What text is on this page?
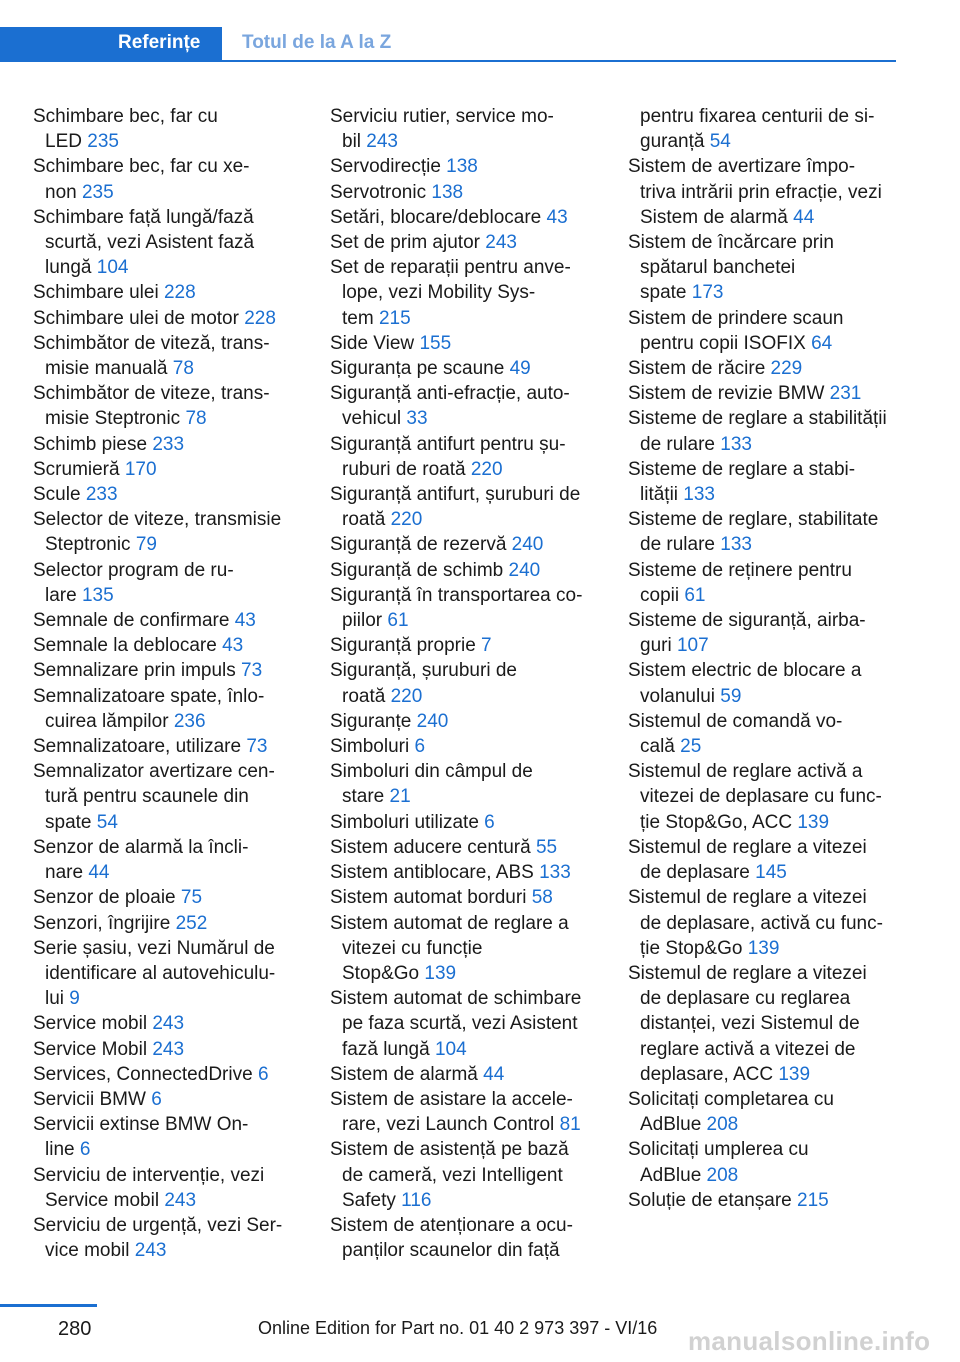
Referințe Totul de la A la Z
Schimbare bec, far cu
LED 235
Schimbare bec, far cu xe-
non 235
Schimbare față lungă/fază
scurtă, vezi Asistent fază
lungă 104
Schimbare ulei 228
Schimbare ulei de motor 228
Schimbător de viteză, trans-
misie manuală 78
Schimbător de viteze, trans-
misie Steptronic 78
Schimb piese 233
Scrumieră 170
Scule 233
Selector de viteze, transmisie
Steptronic 79
Selector program de ru-
lare 135
Semnale de confirmare 43
Semnale la deblocare 43
Semnalizare prin impuls 73
Semnalizatoare spate, înlo-
cuirea lămpilor 236
Semnalizatoare, utilizare 73
Semnalizator avertizare cen-
tură pentru scaunele din
spate 54
Senzor de alarmă la încli-
nare 44
Senzor de ploaie 75
Senzori, îngrijire 252
Serie șasiu, vezi Numărul de
identificare al autovehiculu-
lui 9
Service mobil 243
Service Mobil 243
Services, ConnectedDrive 6
Servicii BMW 6
Servicii extinse BMW On-
line 6
Serviciu de intervenție, vezi
Service mobil 243
Serviciu de urgență, vezi Ser-
vice mobil 243
Serviciu rutier, service mo-
bil 243
Servodirecție 138
Servotronic 138
Setări, blocare/deblocare 43
Set de prim ajutor 243
Set de reparații pentru anve-
lope, vezi Mobility Sys-
tem 215
Side View 155
Siguranța pe scaune 49
Siguranță anti-efracție, auto-
vehicul 33
Siguranță antifurt pentru șu-
ruburi de roată 220
Siguranță antifurt, șuruburi de
roată 220
Siguranță de rezervă 240
Siguranță de schimb 240
Siguranță în transportarea co-
piilor 61
Siguranță proprie 7
Siguranță, șuruburi de
roată 220
Siguranțe 240
Simboluri 6
Simboluri din câmpul de
stare 21
Simboluri utilizate 6
Sistem aducere centură 55
Sistem antiblocare, ABS 133
Sistem automat borduri 58
Sistem automat de reglare a
vitezei cu funcție
Stop&Go 139
Sistem automat de schimbare
pe faza scurtă, vezi Asistent
fază lungă 104
Sistem de alarmă 44
Sistem de asistare la accele-
rare, vezi Launch Control 81
Sistem de asistență pe bază
de cameră, vezi Intelligent
Safety 116
Sistem de atenționare a ocu-
panților scaunelor din față
pentru fixarea centurii de si-
guranță 54
Sistem de avertizare împo-
triva intrării prin efracție, vezi
Sistem de alarmă 44
Sistem de încărcare prin
spătarul banchetei
spate 173
Sistem de prindere scaun
pentru copii ISOFIX 64
Sistem de răcire 229
Sistem de revizie BMW 231
Sisteme de reglare a stabilității
de rulare 133
Sisteme de reglare a stabi-
lității 133
Sisteme de reglare, stabilitate
de rulare 133
Sisteme de reținere pentru
copii 61
Sisteme de siguranță, airba-
guri 107
Sistem electric de blocare a
volanului 59
Sistemul de comandă vo-
cală 25
Sistemul de reglare activă a
vitezei de deplasare cu func-
ție Stop&Go, ACC 139
Sistemul de reglare a vitezei
de deplasare 145
Sistemul de reglare a vitezei
de deplasare, activă cu func-
ție Stop&Go 139
Sistemul de reglare a vitezei
de deplasare cu reglarea
distanței, vezi Sistemul de
reglare activă a vitezei de
deplasare, ACC 139
Solicitați completarea cu
AdBlue 208
Solicitați umplerea cu
AdBlue 208
Soluție de etanșare 215
280	Online Edition for Part no. 01 40 2 973 397 - VI/16 manualsonline.info
